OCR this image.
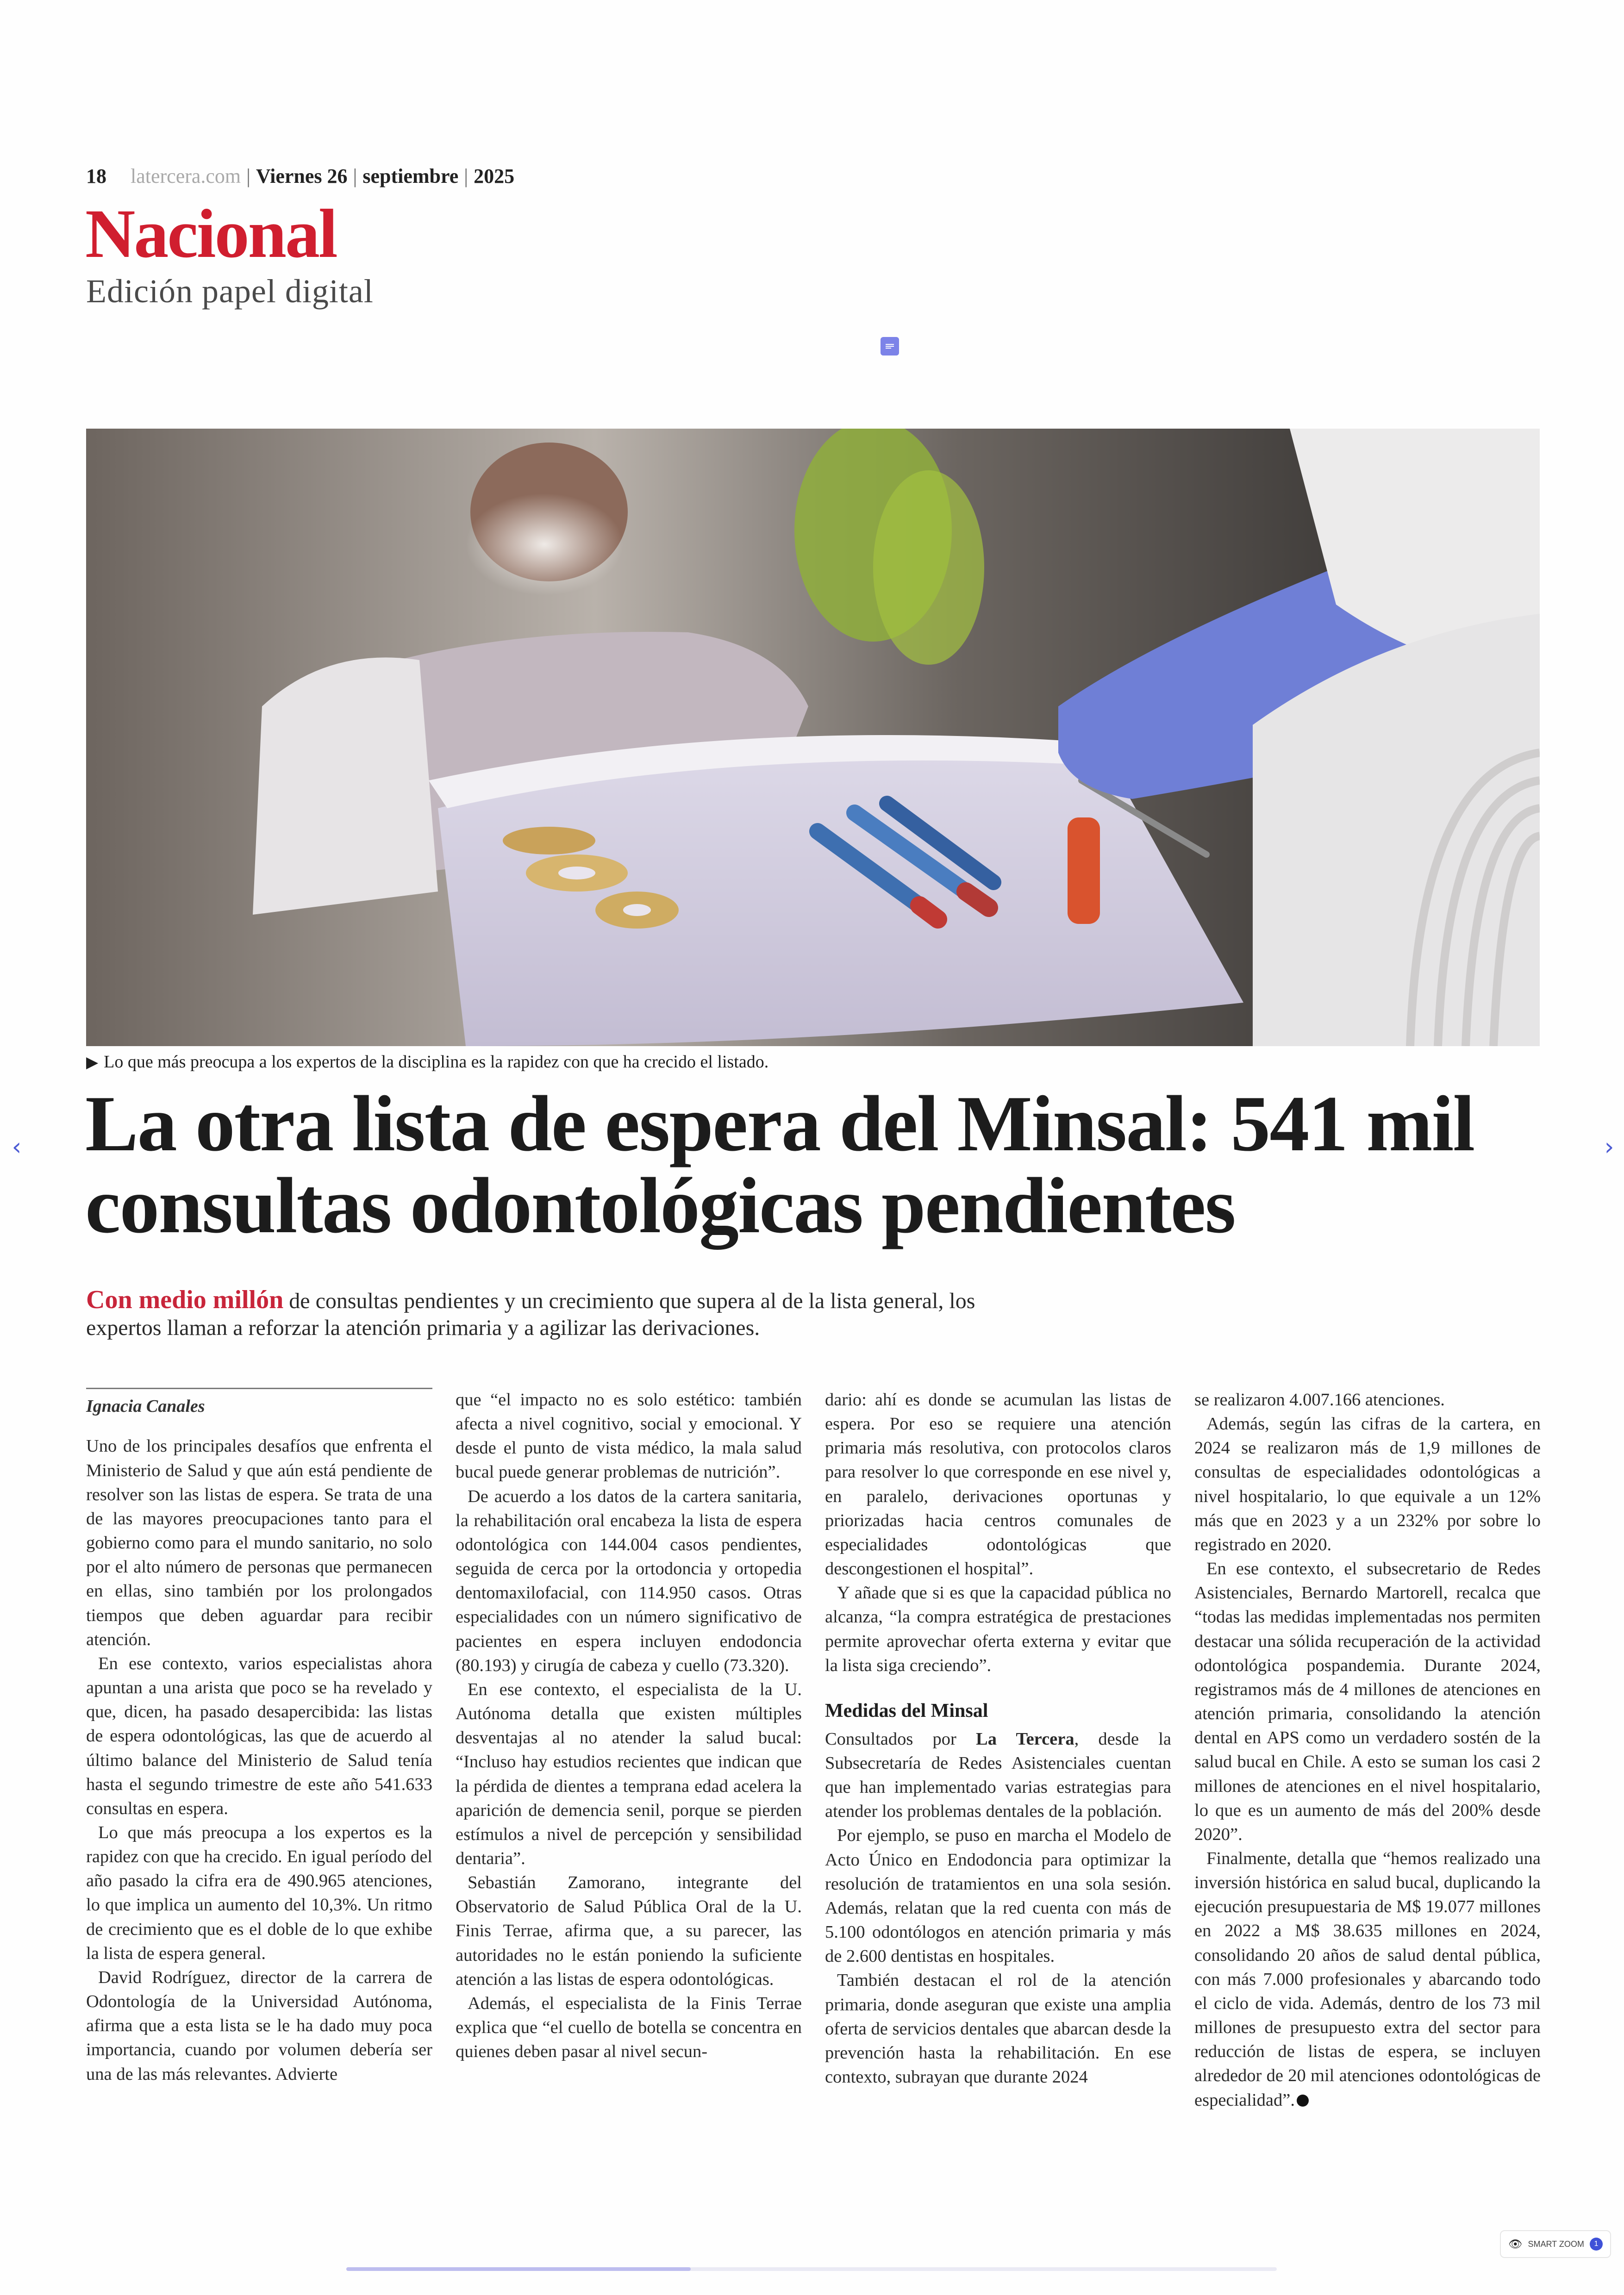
18 latercera.com | Viernes 26 | septiembre | 2025
Nacional
Edición papel digital
▶ Lo que más preocupa a los expertos de la disciplina es la rapidez con que ha crecido el listado.
La otra lista de espera del Minsal: 541 mil consultas odontológicas pendientes

Con medio millón de consultas pendientes y un crecimiento que supera al de la lista general, los expertos llaman a reforzar la atención primaria y a agilizar las derivaciones.

Ignacia Canales

Uno de los principales desafíos que enfrenta el Ministerio de Salud y que aún está pendiente de resolver son las listas de espera. Se trata de una de las mayores preocupaciones tanto para el gobierno como para el mundo sanitario, no solo por el alto número de personas que permanecen en ellas, sino también por los prolongados tiempos que deben aguardar para recibir atención.

En ese contexto, varios especialistas ahora apuntan a una arista que poco se ha revelado y que, dicen, ha pasado desapercibida: las listas de espera odontológicas, las que de acuerdo al último balance del Ministerio de Salud tenía hasta el segundo trimestre de este año 541.633 consultas en espera.

Lo que más preocupa a los expertos es la rapidez con que ha crecido. En igual período del año pasado la cifra era de 490.965 atenciones, lo que implica un aumento del 10,3%. Un ritmo de crecimiento que es el doble de lo que exhibe la lista de espera general.

David Rodríguez, director de la carrera de Odontología de la Universidad Autónoma, afirma que a esta lista se le ha dado muy poca importancia, cuando por volumen debería ser una de las más relevantes. Advierte

que “el impacto no es solo estético: también afecta a nivel cognitivo, social y emocional. Y desde el punto de vista médico, la mala salud bucal puede generar problemas de nutrición”.

De acuerdo a los datos de la cartera sanitaria, la rehabilitación oral encabeza la lista de espera odontológica con 144.004 casos pendientes, seguida de cerca por la ortodoncia y ortopedia dentomaxilofacial, con 114.950 casos. Otras especialidades con un número significativo de pacientes en espera incluyen endodoncia (80.193) y cirugía de cabeza y cuello (73.320).

En ese contexto, el especialista de la U. Autónoma detalla que existen múltiples desventajas al no atender la salud bucal: “Incluso hay estudios recientes que indican que la pérdida de dientes a temprana edad acelera la aparición de demencia senil, porque se pierden estímulos a nivel de percepción y sensibilidad dentaria”.

Sebastián Zamorano, integrante del Observatorio de Salud Pública Oral de la U. Finis Terrae, afirma que, a su parecer, las autoridades no le están poniendo la suficiente atención a las listas de espera odontológicas.

Además, el especialista de la Finis Terrae explica que “el cuello de botella se concentra en quienes deben pasar al nivel secun-

dario: ahí es donde se acumulan las listas de espera. Por eso se requiere una atención primaria más resolutiva, con protocolos claros para resolver lo que corresponde en ese nivel y, en paralelo, derivaciones oportunas y priorizadas hacia centros comunales de especialidades odontológicas que descongestionen el hospital”.

Y añade que si es que la capacidad pública no alcanza, “la compra estratégica de prestaciones permite aprovechar oferta externa y evitar que la lista siga creciendo”.

Medidas del Minsal

Consultados por La Tercera, desde la Subsecretaría de Redes Asistenciales cuentan que han implementado varias estrategias para atender los problemas dentales de la población.

Por ejemplo, se puso en marcha el Modelo de Acto Único en Endodoncia para optimizar la resolución de tratamientos en una sola sesión. Además, relatan que la red cuenta con más de 5.100 odontólogos en atención primaria y más de 2.600 dentistas en hospitales.

También destacan el rol de la atención primaria, donde aseguran que existe una amplia oferta de servicios dentales que abarcan desde la prevención hasta la rehabilitación. En ese contexto, subrayan que durante 2024

se realizaron 4.007.166 atenciones.

Además, según las cifras de la cartera, en 2024 se realizaron más de 1,9 millones de consultas de especialidades odontológicas a nivel hospitalario, lo que equivale a un 12% más que en 2023 y a un 232% por sobre lo registrado en 2020.

En ese contexto, el subsecretario de Redes Asistenciales, Bernardo Martorell, recalca que “todas las medidas implementadas nos permiten destacar una sólida recuperación de la actividad odontológica pospandemia. Durante 2024, registramos más de 4 millones de atenciones en atención primaria, consolidando la atención dental en APS como un verdadero sostén de la salud bucal en Chile. A esto se suman los casi 2 millones de atenciones en el nivel hospitalario, lo que es un aumento de más del 200% desde 2020”.

Finalmente, detalla que “hemos realizado una inversión histórica en salud bucal, duplicando la ejecución presupuestaria de M$ 19.077 millones en 2022 a M$ 38.635 millones en 2024, consolidando 20 años de salud dental pública, con más 7.000 profesionales y abarcando todo el ciclo de vida. Además, dentro de los 73 mil millones de presupuesto extra del sector para reducción de listas de espera, se incluyen alrededor de 20 mil atenciones odontológicas de especialidad”.

‹	›
👁 SMART ZOOM	1
